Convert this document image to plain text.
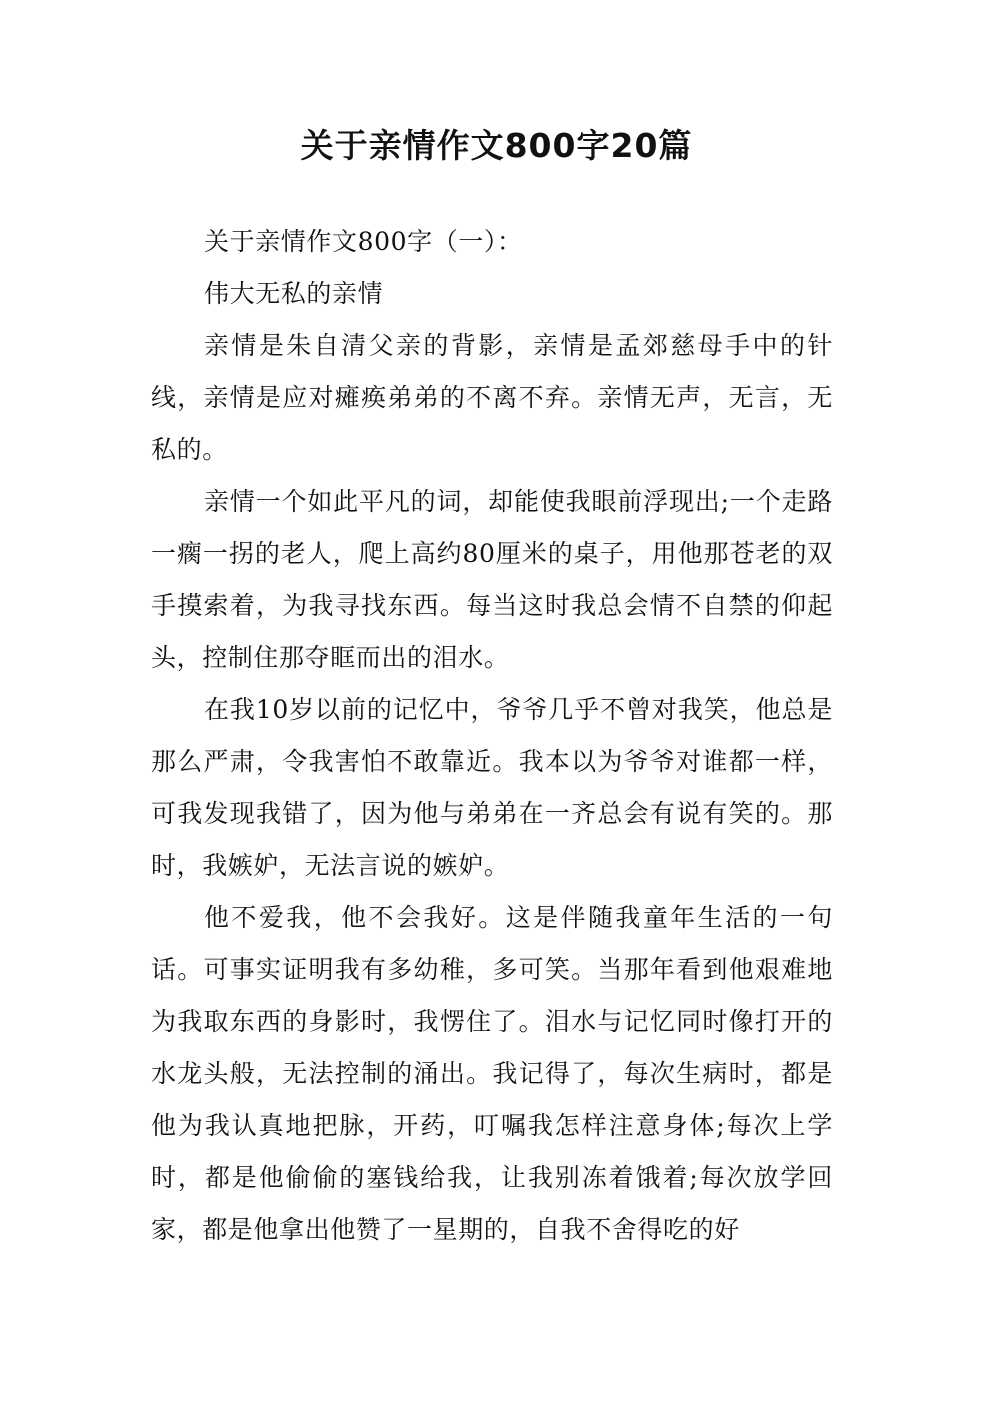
关于亲情作文800字20篇

关于亲情作文800字（一）：

伟大无私的亲情

亲情是朱自清父亲的背影，亲情是孟郊慈母手中的针线，亲情是应对瘫痪弟弟的不离不弃。亲情无声，无言，无私的。

亲情一个如此平凡的词，却能使我眼前浮现出;一个走路一瘸一拐的老人，爬上高约80厘米的桌子，用他那苍老的双手摸索着，为我寻找东西。每当这时我总会情不自禁的仰起头，控制住那夺眶而出的泪水。

在我10岁以前的记忆中，爷爷几乎不曾对我笑，他总是那么严肃，令我害怕不敢靠近。我本以为爷爷对谁都一样，可我发现我错了，因为他与弟弟在一齐总会有说有笑的。那时，我嫉妒，无法言说的嫉妒。

他不爱我，他不会我好。这是伴随我童年生活的一句话。可事实证明我有多幼稚，多可笑。当那年看到他艰难地为我取东西的身影时，我愣住了。泪水与记忆同时像打开的水龙头般，无法控制的涌出。我记得了，每次生病时，都是他为我认真地把脉，开药，叮嘱我怎样注意身体;每次上学时，都是他偷偷的塞钱给我，让我别冻着饿着;每次放学回家，都是他拿出他赞了一星期的，自我不舍得吃的好
